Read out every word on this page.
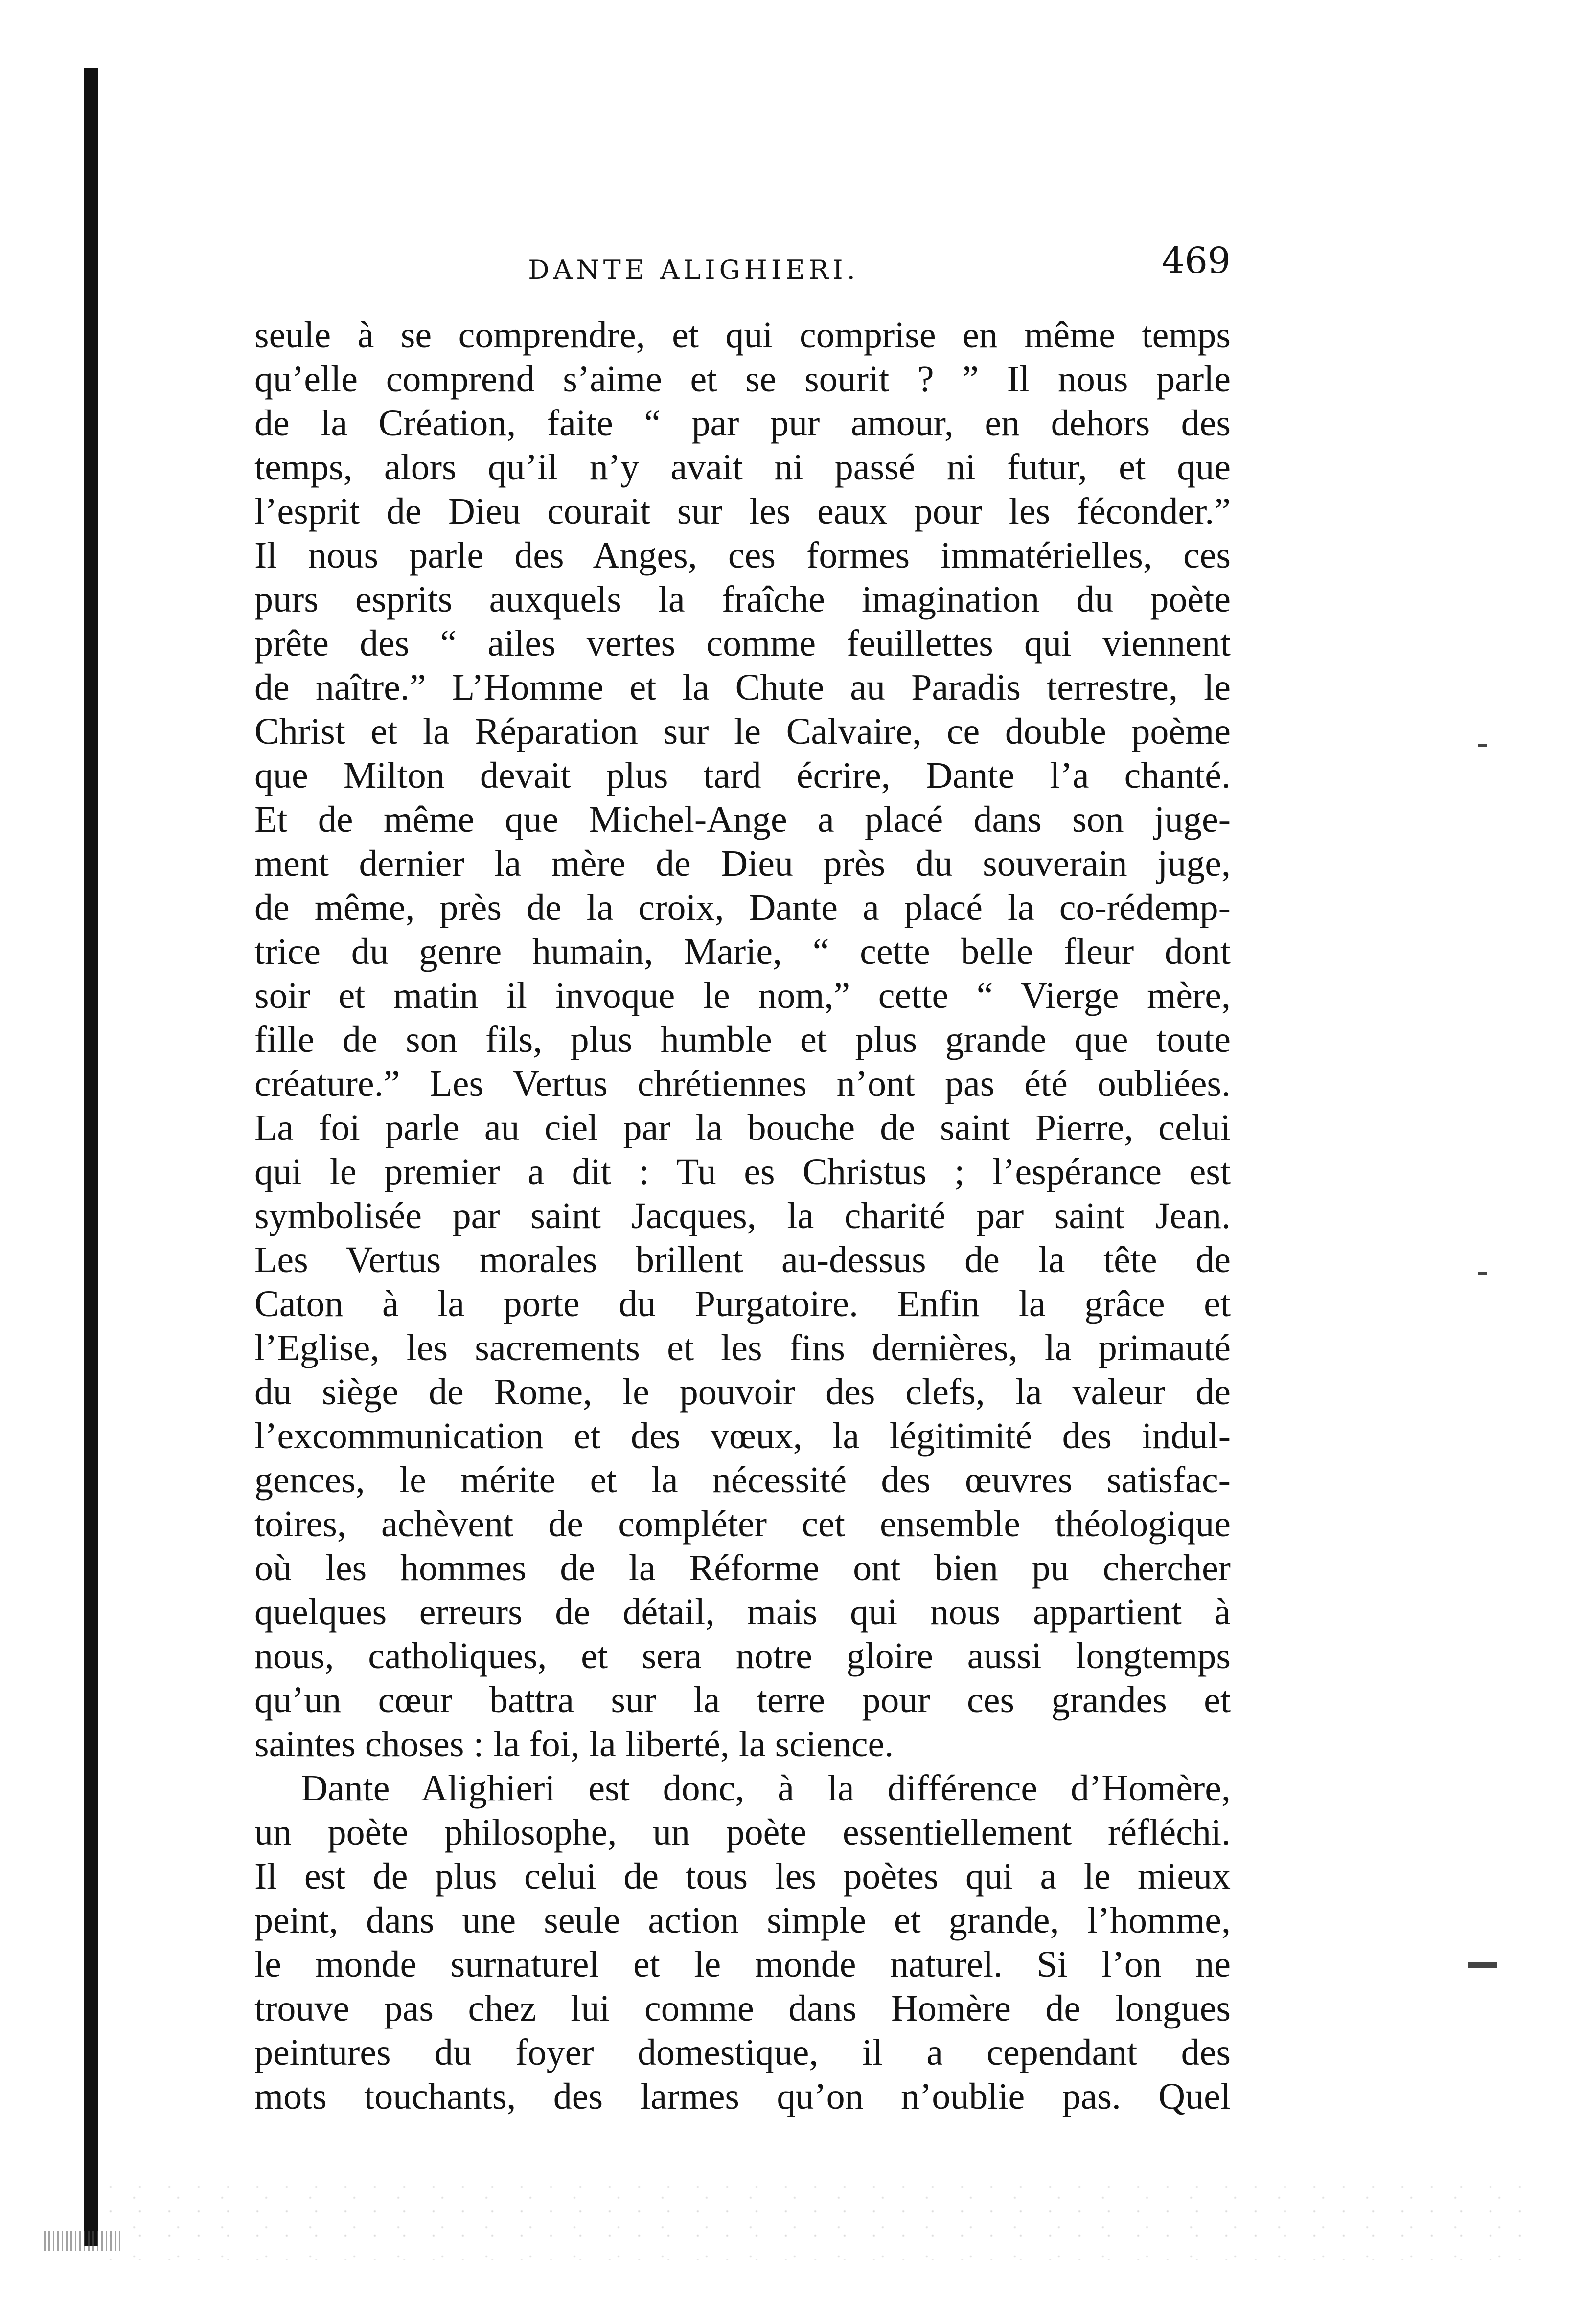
DANTE ALIGHIERI.	469
seule à se comprendre, et qui comprise en même temps
qu’elle comprend s’aime et se sourit ? ” Il nous parle
de la Création, faite “ par pur amour, en dehors des
temps, alors qu’il n’y avait ni passé ni futur, et que
l’esprit de Dieu courait sur les eaux pour les féconder.”
Il nous parle des Anges, ces formes immatérielles, ces
purs esprits auxquels la fraîche imagination du poète
prête des “ ailes vertes comme feuillettes qui viennent
de naître.” L’Homme et la Chute au Paradis terrestre, le
Christ et la Réparation sur le Calvaire, ce double poème
que Milton devait plus tard écrire, Dante l’a chanté.
Et de même que Michel-Ange a placé dans son juge-
ment dernier la mère de Dieu près du souverain juge,
de même, près de la croix, Dante a placé la co-rédemp-
trice du genre humain, Marie, “ cette belle fleur dont
soir et matin il invoque le nom,” cette “ Vierge mère,
fille de son fils, plus humble et plus grande que toute
créature.” Les Vertus chrétiennes n’ont pas été oubliées.
La foi parle au ciel par la bouche de saint Pierre, celui
qui le premier a dit : Tu es Christus ; l’espérance est
symbolisée par saint Jacques, la charité par saint Jean.
Les Vertus morales brillent au-dessus de la tête de
Caton à la porte du Purgatoire. Enfin la grâce et
l’Eglise, les sacrements et les fins dernières, la primauté
du siège de Rome, le pouvoir des clefs, la valeur de
l’excommunication et des vœux, la légitimité des indul-
gences, le mérite et la nécessité des œuvres satisfac-
toires, achèvent de compléter cet ensemble théologique
où les hommes de la Réforme ont bien pu chercher
quelques erreurs de détail, mais qui nous appartient à
nous, catholiques, et sera notre gloire aussi longtemps
qu’un cœur battra sur la terre pour ces grandes et
saintes choses : la foi, la liberté, la science.
Dante Alighieri est donc, à la différence d’Homère,
un poète philosophe, un poète essentiellement réfléchi.
Il est de plus celui de tous les poètes qui a le mieux
peint, dans une seule action simple et grande, l’homme,
le monde surnaturel et le monde naturel. Si l’on ne
trouve pas chez lui comme dans Homère de longues
peintures du foyer domestique, il a cependant des
mots touchants, des larmes qu’on n’oublie pas. Quel
